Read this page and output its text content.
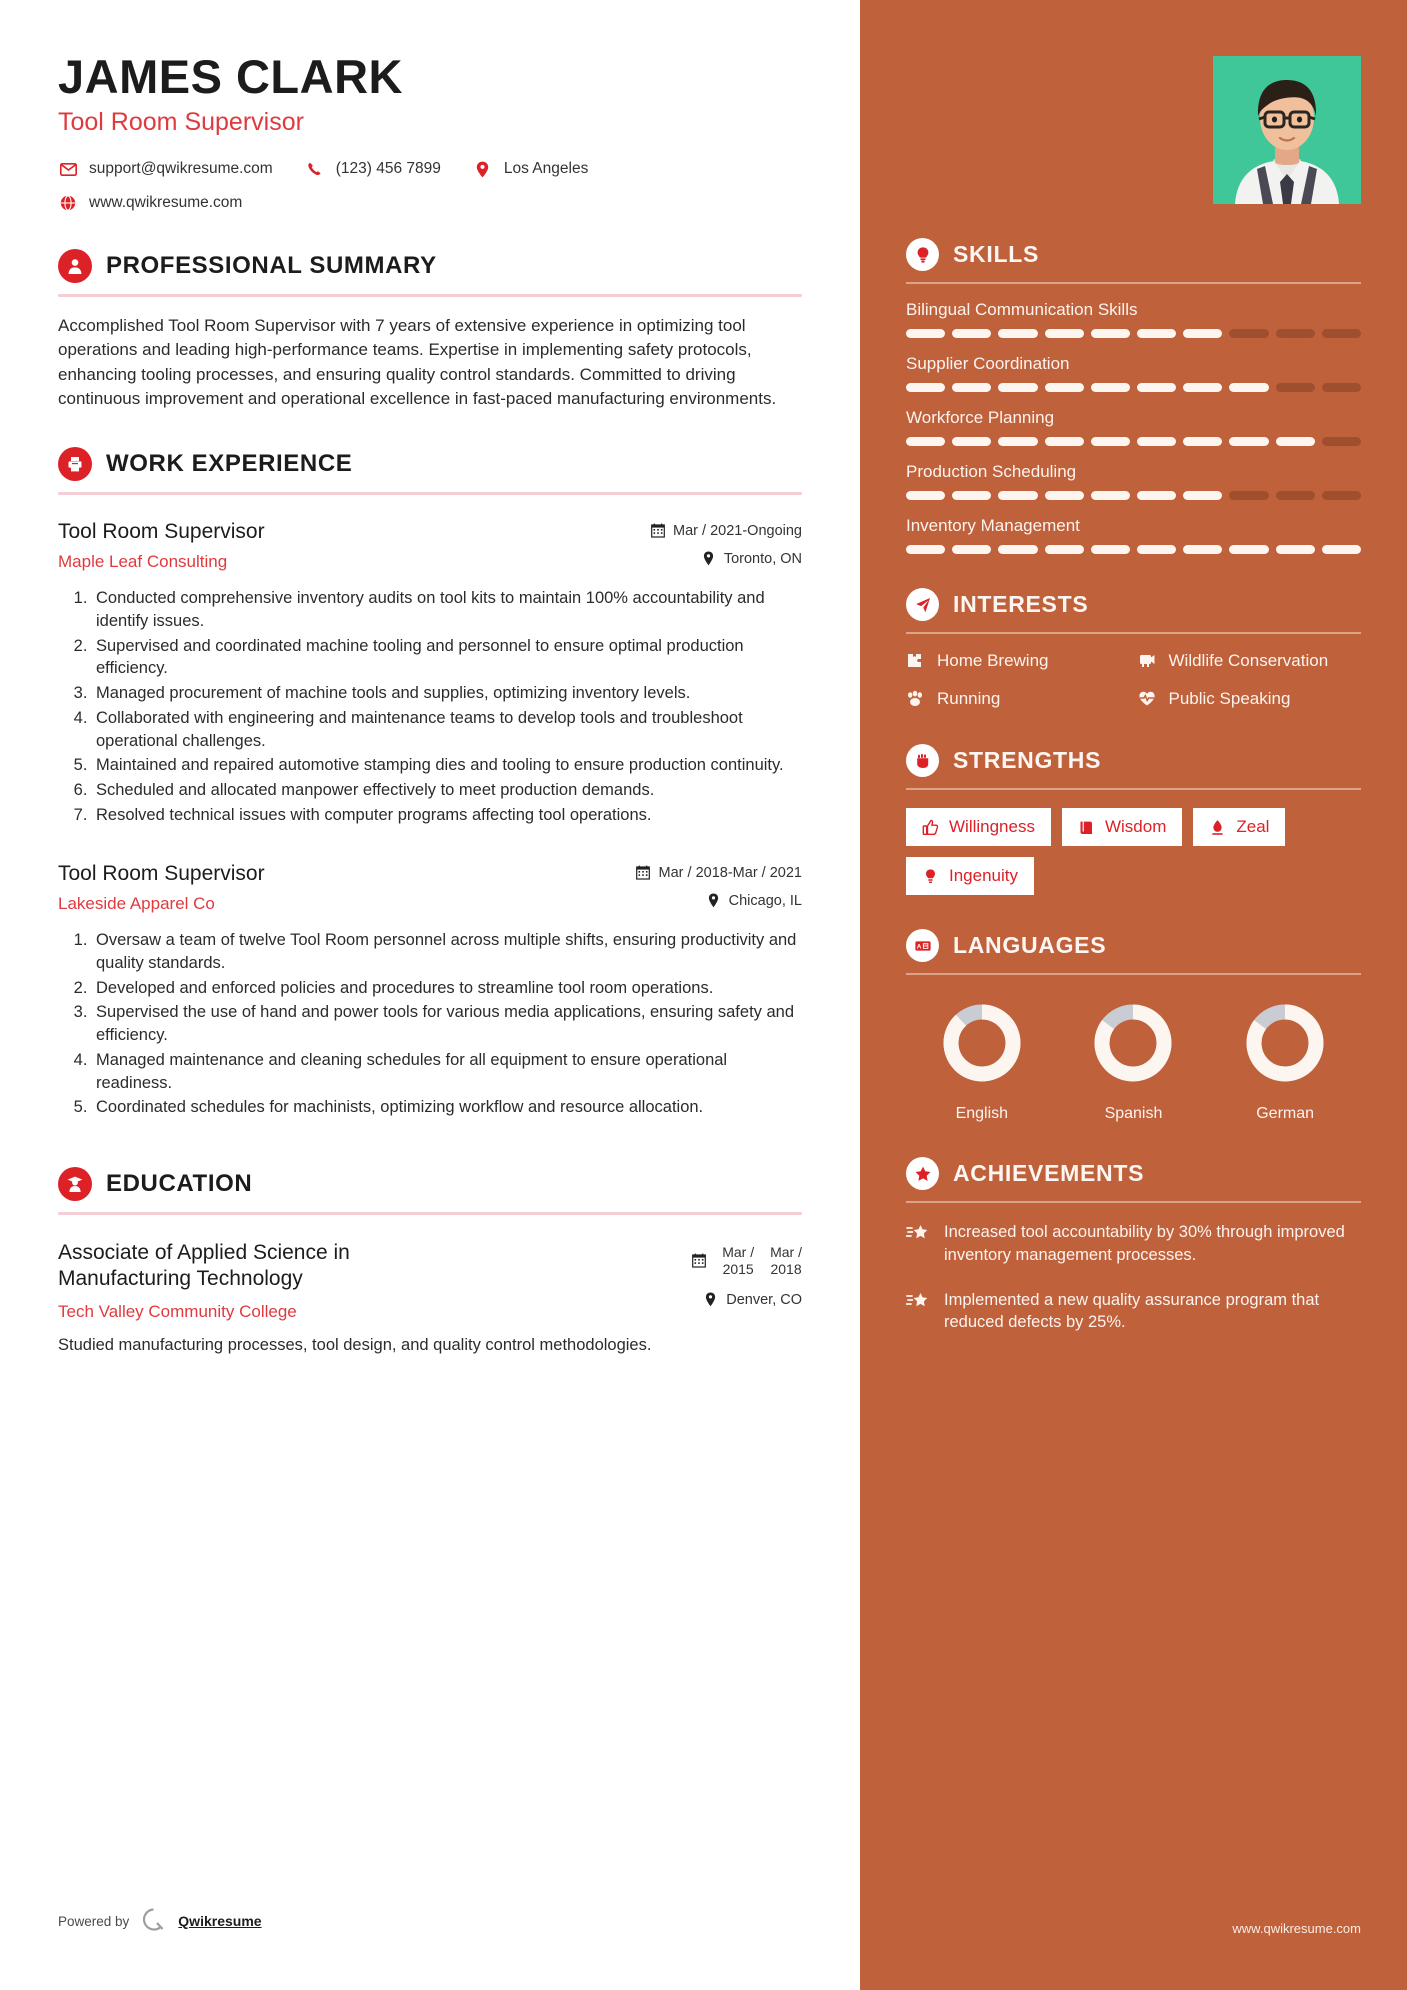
JAMES CLARK
Tool Room Supervisor
support@qwikresume.com	(123) 456 7899	Los Angeles
www.qwikresume.com
PROFESSIONAL SUMMARY
Accomplished Tool Room Supervisor with 7 years of extensive experience in optimizing tool operations and leading high-performance teams. Expertise in implementing safety protocols, enhancing tooling processes, and ensuring quality control standards. Committed to driving continuous improvement and operational excellence in fast-paced manufacturing environments.
WORK EXPERIENCE
Tool Room Supervisor
Maple Leaf Consulting
Mar / 2021-Ongoing
Toronto, ON
1. Conducted comprehensive inventory audits on tool kits to maintain 100% accountability and identify issues.
2. Supervised and coordinated machine tooling and personnel to ensure optimal production efficiency.
3. Managed procurement of machine tools and supplies, optimizing inventory levels.
4. Collaborated with engineering and maintenance teams to develop tools and troubleshoot operational challenges.
5. Maintained and repaired automotive stamping dies and tooling to ensure production continuity.
6. Scheduled and allocated manpower effectively to meet production demands.
7. Resolved technical issues with computer programs affecting tool operations.
Tool Room Supervisor
Lakeside Apparel Co
Mar / 2018-Mar / 2021
Chicago, IL
1. Oversaw a team of twelve Tool Room personnel across multiple shifts, ensuring productivity and quality standards.
2. Developed and enforced policies and procedures to streamline tool room operations.
3. Supervised the use of hand and power tools for various media applications, ensuring safety and efficiency.
4. Managed maintenance and cleaning schedules for all equipment to ensure operational readiness.
5. Coordinated schedules for machinists, optimizing workflow and resource allocation.
EDUCATION
Associate of Applied Science in Manufacturing Technology
Tech Valley Community College
Mar /
2015
Mar /
2018
Denver, CO
Studied manufacturing processes, tool design, and quality control methodologies.
Powered by	Qwikresume
SKILLS
Bilingual Communication Skills
Supplier Coordination
Workforce Planning
Production Scheduling
Inventory Management
INTERESTS
Home Brewing	Wildlife Conservation
Running	Public Speaking
STRENGTHS
Willingness	Wisdom	Zeal
Ingenuity
A LANGUAGES
English	Spanish	German
ACHIEVEMENTS
Increased tool accountability by 30% through improved inventory management processes.
Implemented a new quality assurance program that reduced defects by 25%.
www.qwikresume.com
